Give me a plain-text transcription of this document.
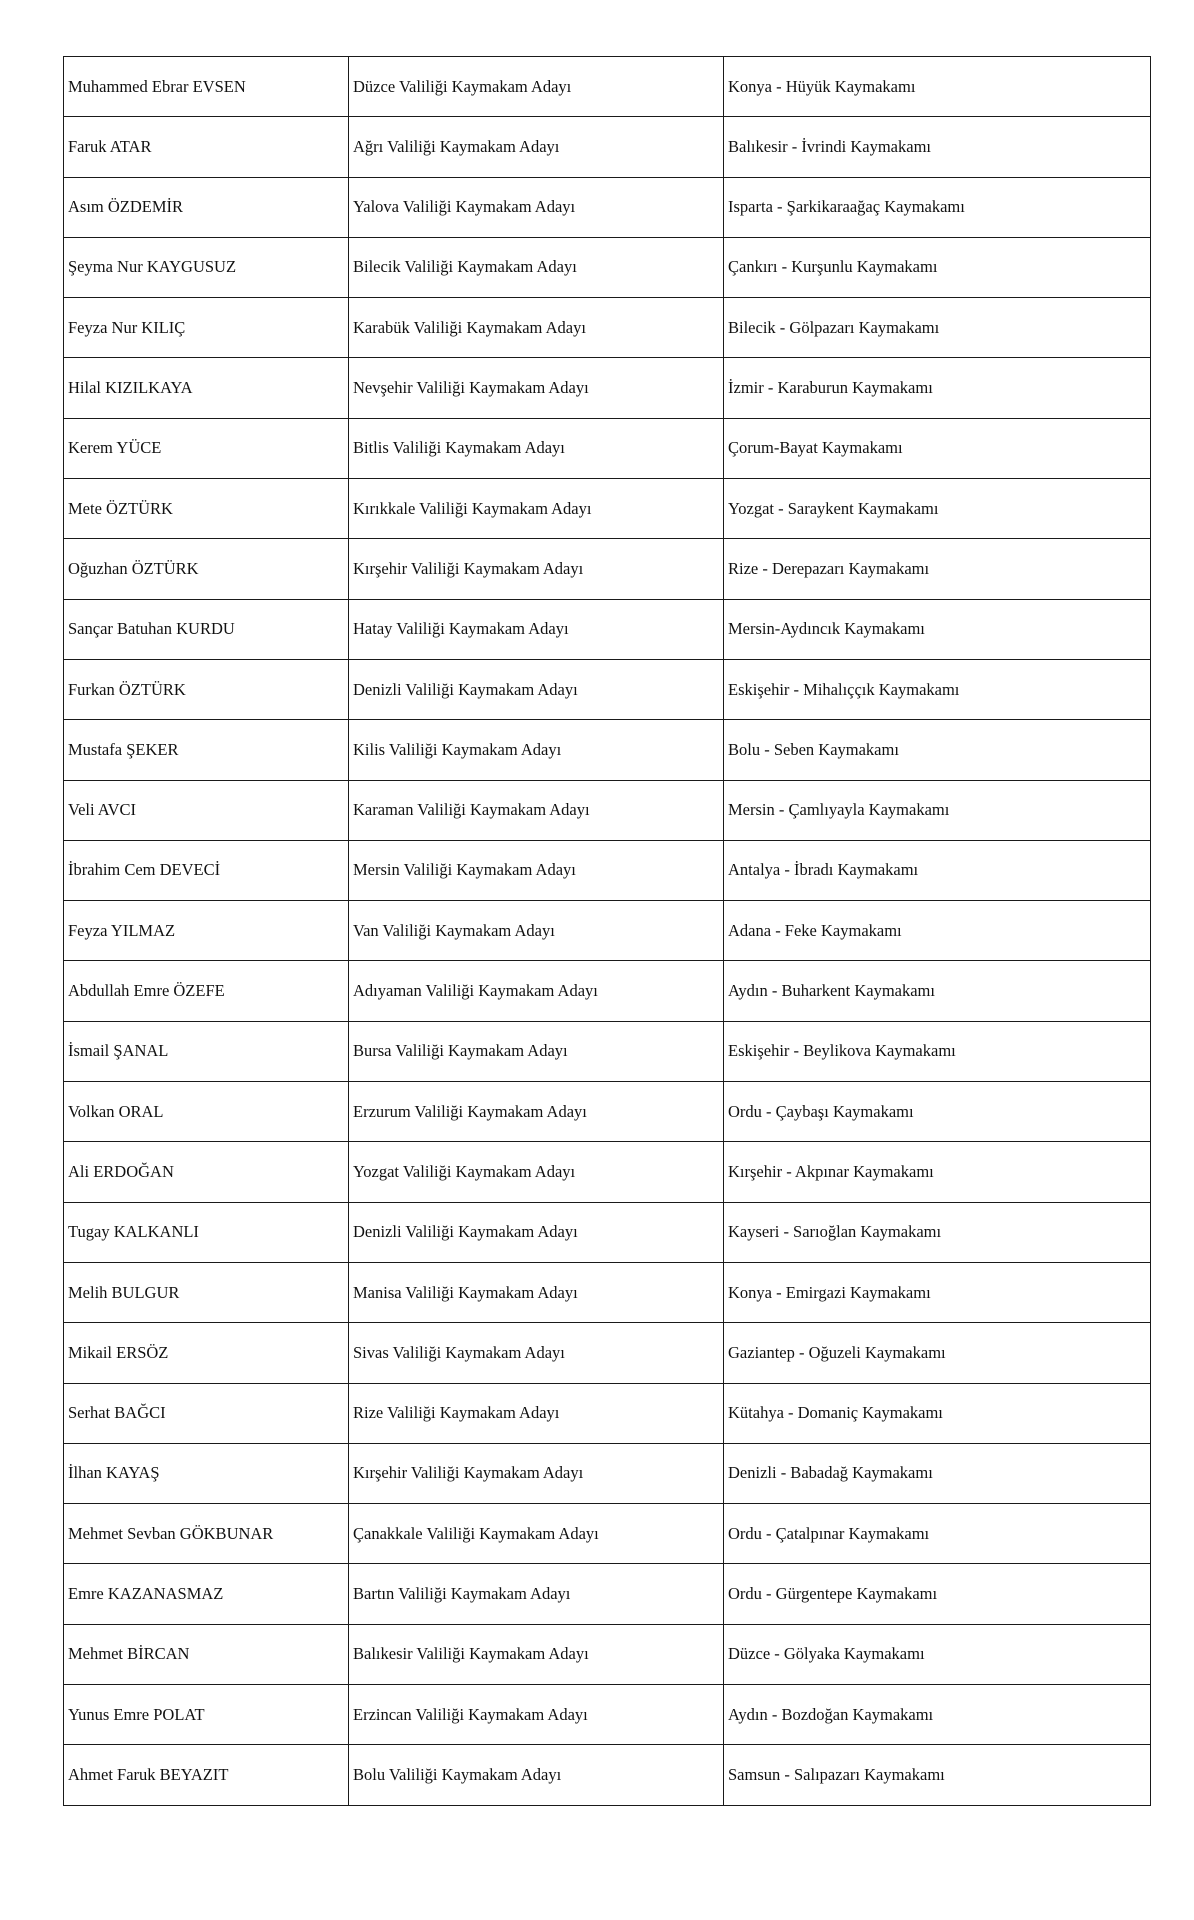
Muhammed Ebrar EVSEN	Düzce Valiliği Kaymakam Adayı	Konya - Hüyük Kaymakamı
Faruk ATAR	Ağrı Valiliği Kaymakam Adayı	Balıkesir - İvrindi Kaymakamı
Asım ÖZDEMİR	Yalova Valiliği Kaymakam Adayı	Isparta - Şarkikaraağaç Kaymakamı
Şeyma Nur KAYGUSUZ	Bilecik Valiliği Kaymakam Adayı	Çankırı - Kurşunlu Kaymakamı
Feyza Nur KILIÇ	Karabük Valiliği Kaymakam Adayı	Bilecik - Gölpazarı Kaymakamı
Hilal KIZILKAYA	Nevşehir Valiliği Kaymakam Adayı	İzmir - Karaburun Kaymakamı
Kerem YÜCE	Bitlis Valiliği Kaymakam Adayı	Çorum-Bayat Kaymakamı
Mete ÖZTÜRK	Kırıkkale Valiliği Kaymakam Adayı	Yozgat - Saraykent Kaymakamı
Oğuzhan ÖZTÜRK	Kırşehir Valiliği Kaymakam Adayı	Rize - Derepazarı Kaymakamı
Sançar Batuhan KURDU	Hatay Valiliği Kaymakam Adayı	Mersin-Aydıncık Kaymakamı
Furkan ÖZTÜRK	Denizli Valiliği Kaymakam Adayı	Eskişehir - Mihalıççık Kaymakamı
Mustafa ŞEKER	Kilis Valiliği Kaymakam Adayı	Bolu - Seben Kaymakamı
Veli AVCI	Karaman Valiliği Kaymakam Adayı	Mersin - Çamlıyayla Kaymakamı
İbrahim Cem DEVECİ	Mersin Valiliği Kaymakam Adayı	Antalya - İbradı Kaymakamı
Feyza YILMAZ	Van Valiliği Kaymakam Adayı	Adana - Feke Kaymakamı
Abdullah Emre ÖZEFE	Adıyaman Valiliği Kaymakam Adayı	Aydın - Buharkent Kaymakamı
İsmail ŞANAL	Bursa Valiliği Kaymakam Adayı	Eskişehir - Beylikova Kaymakamı
Volkan ORAL	Erzurum Valiliği Kaymakam Adayı	Ordu - Çaybaşı Kaymakamı
Ali ERDOĞAN	Yozgat Valiliği Kaymakam Adayı	Kırşehir - Akpınar Kaymakamı
Tugay KALKANLI	Denizli Valiliği Kaymakam Adayı	Kayseri - Sarıoğlan Kaymakamı
Melih BULGUR	Manisa Valiliği Kaymakam Adayı	Konya - Emirgazi Kaymakamı
Mikail ERSÖZ	Sivas Valiliği Kaymakam Adayı	Gaziantep - Oğuzeli Kaymakamı
Serhat BAĞCI	Rize Valiliği Kaymakam Adayı	Kütahya - Domaniç Kaymakamı
İlhan KAYAŞ	Kırşehir Valiliği Kaymakam Adayı	Denizli - Babadağ Kaymakamı
Mehmet Sevban GÖKBUNAR	Çanakkale Valiliği Kaymakam Adayı	Ordu - Çatalpınar Kaymakamı
Emre KAZANASMAZ	Bartın Valiliği Kaymakam Adayı	Ordu - Gürgentepe Kaymakamı
Mehmet BİRCAN	Balıkesir Valiliği Kaymakam Adayı	Düzce - Gölyaka Kaymakamı
Yunus Emre POLAT	Erzincan Valiliği Kaymakam Adayı	Aydın - Bozdoğan Kaymakamı
Ahmet Faruk BEYAZIT	Bolu Valiliği Kaymakam Adayı	Samsun - Salıpazarı Kaymakamı
